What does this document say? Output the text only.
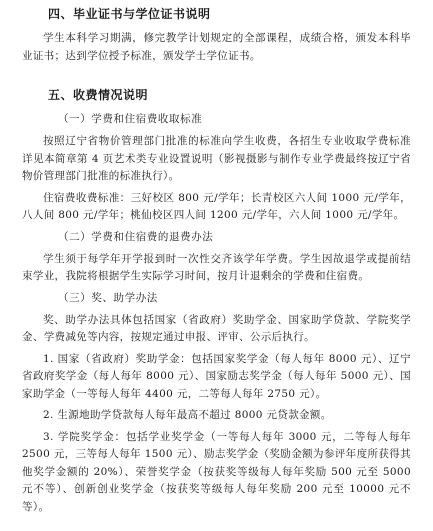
四、毕业证书与学位证书说明

学生本科学习期满，修完教学计划规定的全部课程，成绩合格，颁发本科毕业证书；达到学位授予标准，颁发学士学位证书。

五、收费情况说明
（一）学费和住宿费收取标准

按照辽宁省物价管理部门批准的标准向学生收费，各招生专业收取学费标准详见本简章第 4 页艺术类专业设置说明（影视摄影与制作专业学费最终按辽宁省物价管理部门批准的标准执行）。

住宿费收费标准：三好校区 800 元/学年；长青校区六人间 1000 元/学年，八人间 800 元/学年；桃仙校区四人间 1200 元/学年，六人间 1000 元/学年。

（二）学费和住宿费的退费办法

学生须于每学年开学报到时一次性交齐该学年学费。学生因故退学或提前结束学业，我院将根据学生实际学习时间，按月计退剩余的学费和住宿费。

（三）奖、助学办法

奖、助学办法具体包括国家（省政府）奖助学金、国家助学贷款、学院奖学金、学费减免等内容，按规定通过申报、评审、公示后执行。

1. 国家（省政府）奖助学金：包括国家奖学金（每人每年 8000 元）、辽宁省政府奖学金（每人每年 8000 元）、国家励志奖学金（每人每年 5000 元）、国家助学金（一等每人每年 4400 元，二等每人每年 2750 元）。

2. 生源地助学贷款每人每年最高不超过 8000 元贷款金额。

3. 学院奖学金：包括学业奖学金（一等每人每年 3000 元，二等每人每年 2500 元，三等每人每年 1500 元）、励志奖学金（奖励金额为参评年度所获得其他奖学金额的 20%）、荣誉奖学金（按获奖等级每人每年奖励 500 元至 5000 元不等）、创新创业奖学金（按获奖等级每人每年奖励 200 元至 10000 元不等）。
